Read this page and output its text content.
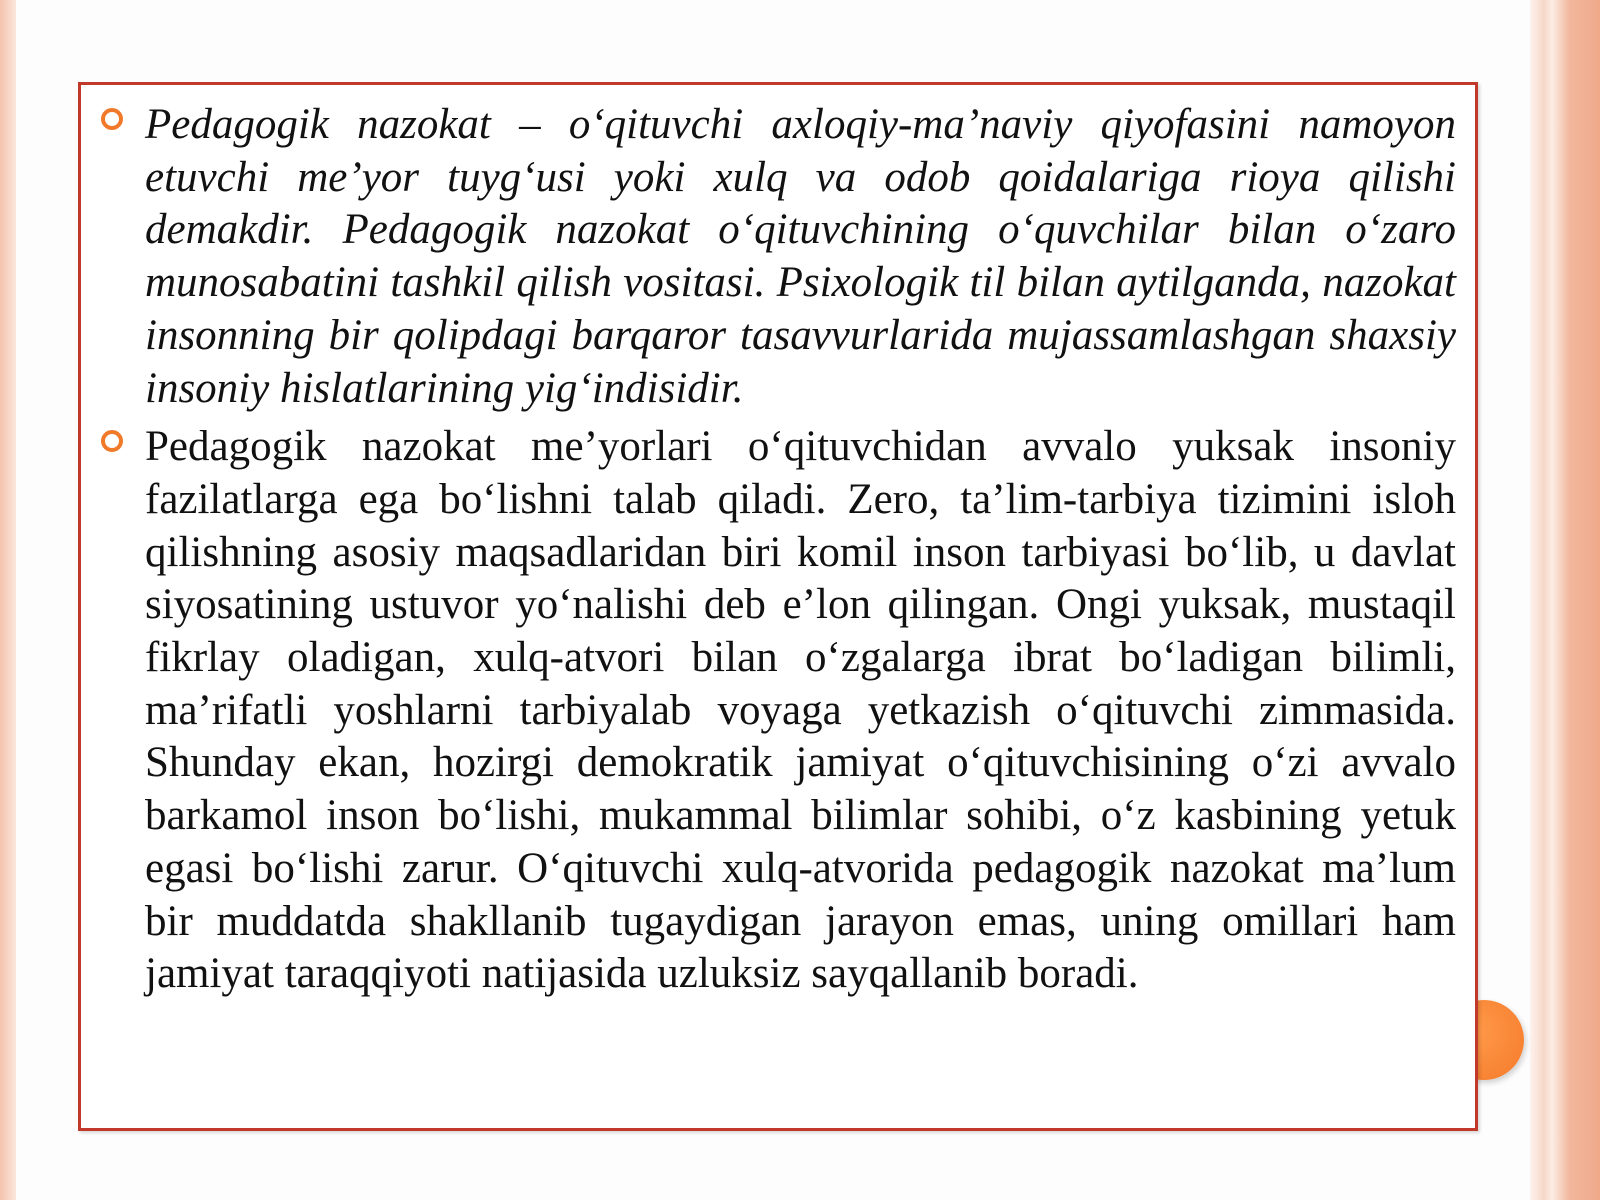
Pedagogik nazokat – o‘qituvchi axloqiy-ma’naviy qiyofasini namoyon etuvchi me’yor tuyg‘usi yoki xulq va odob qoidalariga rioya qilishi demakdir. Pedagogik nazokat o‘qituvchining o‘quvchilar bilan o‘zaro munosabatini tashkil qilish vositasi. Psixologik til bilan aytilganda, nazokat insonning bir qolipdagi barqaror tasavvurlarida mujassamlashgan shaxsiy insoniy hislatlarining yig‘indisidir.

Pedagogik nazokat me’yorlari o‘qituvchidan avvalo yuksak insoniy fazilatlarga ega bo‘lishni talab qiladi. Zero, ta’lim-tarbiya tizimini isloh qilishning asosiy maqsadlaridan biri komil inson tarbiyasi bo‘lib, u davlat siyosatining ustuvor yo‘nalishi deb e’lon qilingan. Ongi yuksak, mustaqil fikrlay oladigan, xulq-atvori bilan o‘zgalarga ibrat bo‘ladigan bilimli, ma’rifatli yoshlarni tarbiyalab voyaga yetkazish o‘qituvchi zimmasida. Shunday ekan, hozirgi demokratik jamiyat o‘qituvchisining o‘zi avvalo barkamol inson bo‘lishi, mukammal bilimlar sohibi, o‘z kasbining yetuk egasi bo‘lishi zarur. O‘qituvchi xulq-atvorida pedagogik nazokat ma’lum bir muddatda shakllanib tugaydigan jarayon emas, uning omillari ham jamiyat taraqqiyoti natijasida uzluksiz sayqallanib boradi.
